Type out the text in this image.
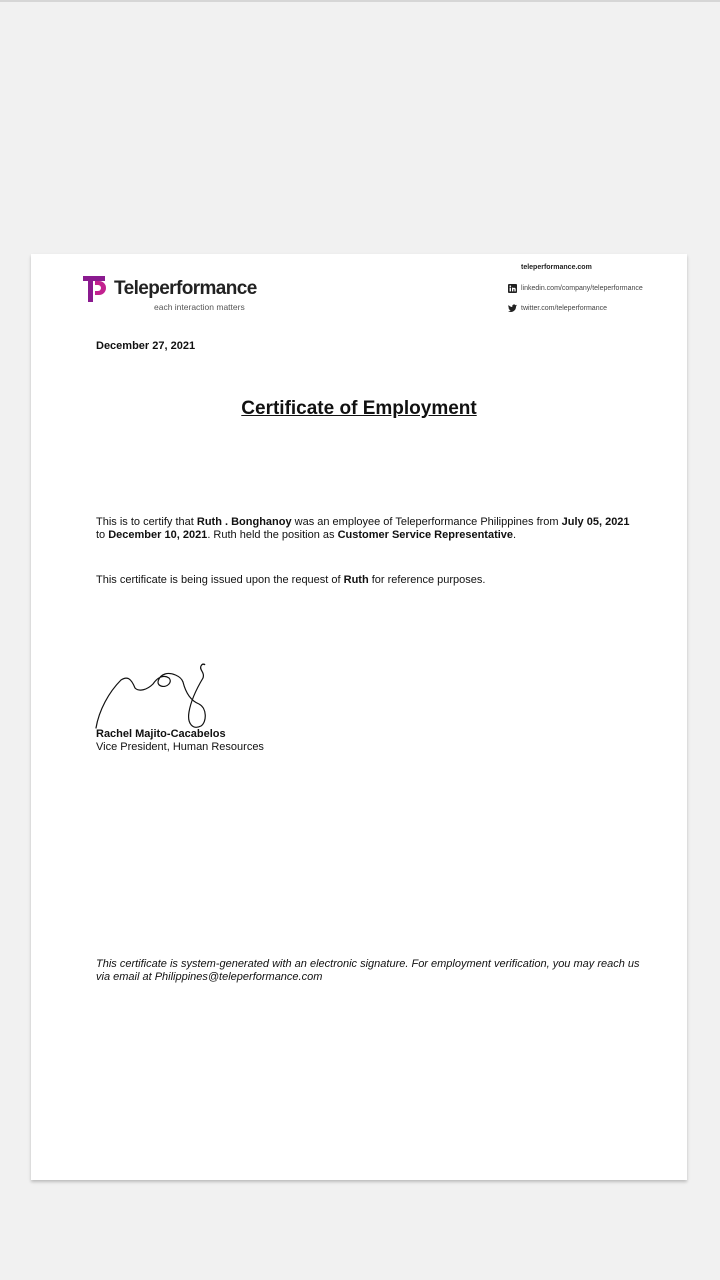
Teleperformance
each interaction matters
teleperformance.com
linkedin.com/company/teleperformance
twitter.com/teleperformance
December 27, 2021
Certificate of Employment
This is to certify that Ruth . Bonghanoy was an employee of Teleperformance Philippines from July 05, 2021 to December 10, 2021. Ruth held the position as Customer Service Representative.
This certificate is being issued upon the request of Ruth for reference purposes.
Rachel Majito-Cacabelos
Vice President, Human Resources
This certificate is system-generated with an electronic signature. For employment verification, you may reach us via email at Philippines@teleperformance.com
